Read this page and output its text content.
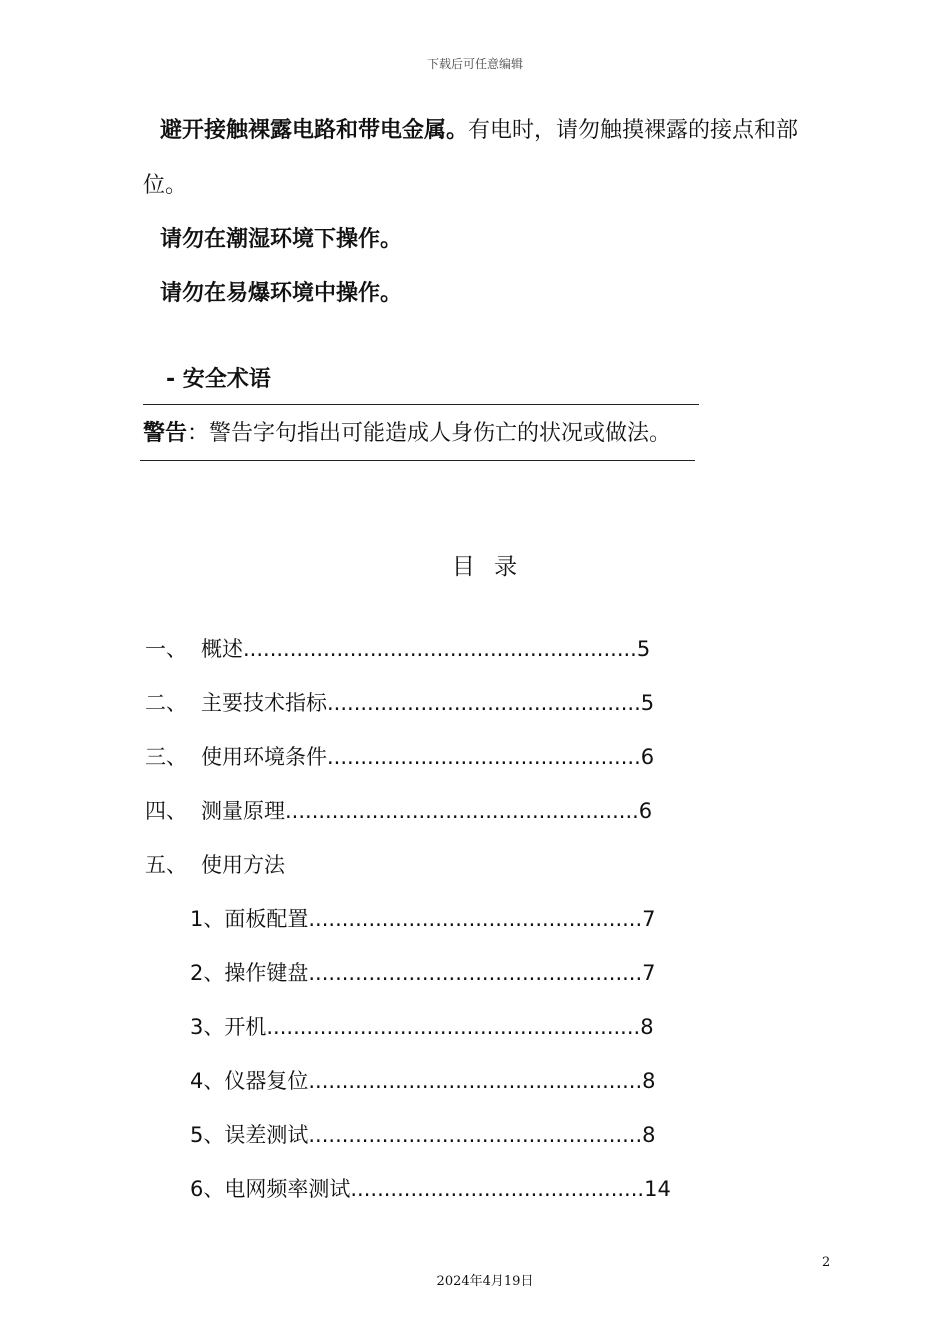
下载后可任意编辑
避开接触裸露电路和带电金属。有电时，请勿触摸裸露的接点和部
位。
请勿在潮湿环境下操作。
请勿在易爆环境中操作。
- 安全术语
警告：警告字句指出可能造成人身伤亡的状况或做法。
目 录
一、 概述...........................................................5
二、 主要技术指标...............................................5
三、 使用环境条件...............................................6
四、 测量原理.....................................................6
五、 使用方法
1、面板配置..................................................7
2、操作键盘..................................................7
3、开机........................................................8
4、仪器复位..................................................8
5、误差测试..................................................8
6、电网频率测试............................................14
2
2024年4月19日
